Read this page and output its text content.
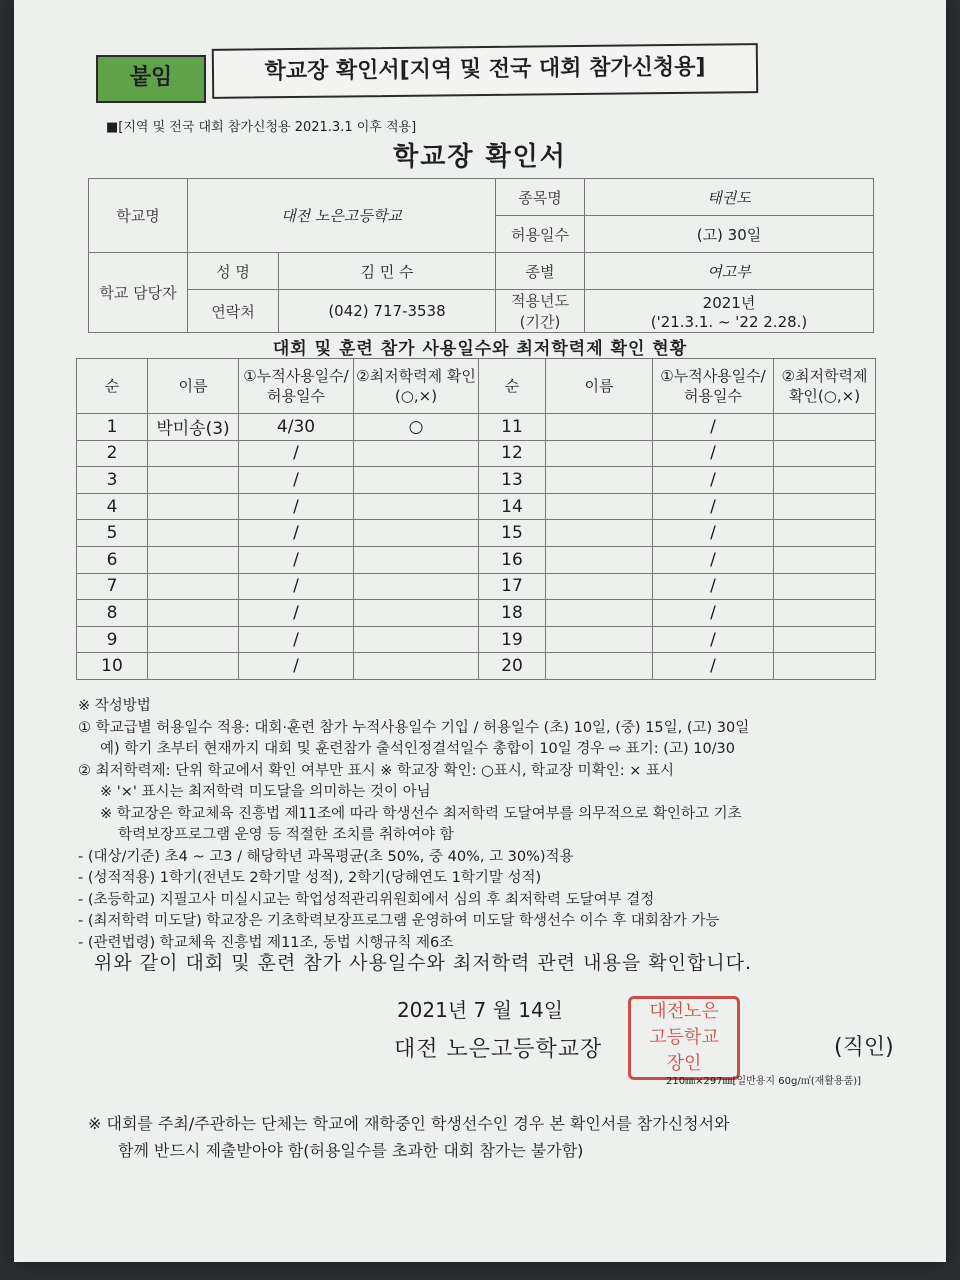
붙임	학교장 확인서[지역 및 전국 대회 참가신청용]
■[지역 및 전국 대회 참가신청용 2021.3.1 이후 적용]
학교장 확인서
학교명	대전 노은고등학교		종목명	태권도
			허용일수	(고) 30일
학교 담당자	성 명	김 민 수	종별	여고부
	연락처	(042) 717-3538	적용년도 (기간)	2021년
('21.3.1. ~ '22 2.28.)
대회 및 훈련 참가 사용일수와 최저학력제 확인 현황
순	이름	①누적사용일수/허용일수	②최저학력제 확인(○,×)	순	이름	①누적사용일수/허용일수	②최저학력제 확인(○,×)
1	박미송(3)	4/30	○	11		/	
2		/		12		/	
3		/		13		/	
4		/		14		/	
5		/		15		/	
6		/		16		/	
7		/		17		/	
8		/		18		/	
9		/		19		/	
10		/		20		/	
※ 작성방법
① 학교급별 허용일수 적용: 대회·훈련 참가 누적사용일수 기입 / 허용일수 (초) 10일, (중) 15일, (고) 30일
예) 학기 초부터 현재까지 대회 및 훈련참가 출석인정결석일수 총합이 10일 경우 ⇨ 표기: (고) 10/30
② 최저학력제: 단위 학교에서 확인 여부만 표시 ※ 학교장 확인: ○표시, 학교장 미확인: × 표시
※ '×' 표시는 최저학력 미도달을 의미하는 것이 아님
※ 학교장은 학교체육 진흥법 제11조에 따라 학생선수 최저학력 도달여부를 의무적으로 확인하고 기초
학력보장프로그램 운영 등 적절한 조치를 취하여야 함
- (대상/기준) 초4 ~ 고3 / 해당학년 과목평균(초 50%, 중 40%, 고 30%)적용
- (성적적용) 1학기(전년도 2학기말 성적), 2학기(당해연도 1학기말 성적)
- (초등학교) 지필고사 미실시교는 학업성적관리위원회에서 심의 후 최저학력 도달여부 결정
- (최저학력 미도달) 학교장은 기초학력보장프로그램 운영하여 미도달 학생선수 이수 후 대회참가 가능
- (관련법령) 학교체육 진흥법 제11조, 동법 시행규칙 제6조
위와 같이 대회 및 훈련 참가 사용일수와 최저학력 관련 내용을 확인합니다.
2021년 7 월 14일	대전노은
고등학교
장인
대전 노은고등학교장	(직인)
210㎜×297㎜[일반용지 60g/㎡(재활용품)]
※ 대회를 주최/주관하는 단체는 학교에 재학중인 학생선수인 경우 본 확인서를 참가신청서와
함께 반드시 제출받아야 함(허용일수를 초과한 대회 참가는 불가함)
